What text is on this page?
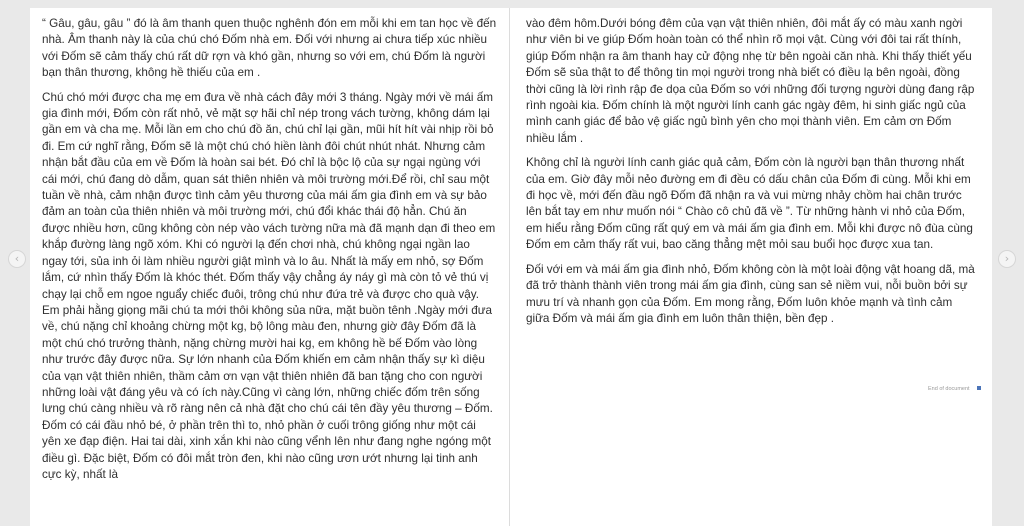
‹

“ Gâu, gâu, gâu ” đó là âm thanh quen thuộc nghênh đón em mỗi khi em tan học về đến nhà. Âm thanh này là của chú chó Đốm nhà em. Đối với nhưng ai chưa tiếp xúc nhiều với Đốm sẽ cảm thấy chú rất dữ rợn và khó gần, nhưng so với em, chú Đốm là người bạn thân thương, không hề thiếu của em .

Chú chó mới được cha mẹ em đưa về nhà cách đây mới 3 tháng. Ngày mới về mái ấm gia đình mới, Đốm còn rất nhỏ, vẻ mặt sợ hãi chỉ nép trong vách tường, không dám lại gần em và cha mẹ. Mỗi lần em cho chú đồ ăn, chú chỉ lại gần, mũi hít hít vài nhịp rồi bỏ đi. Em cứ nghĩ rằng, Đốm sẽ là một chú chó hiền lành đôi chút nhút nhát. Nhưng cảm nhận bắt đầu của em về Đốm là hoàn sai bét. Đó chỉ là bộc lộ của sự ngại ngùng với cái mới, chú đang dò dẫm, quan sát thiên nhiên và môi trường mới.Để rồi, chỉ sau một tuần về nhà, cảm nhận được tình cảm yêu thương của mái ấm gia đình em và sự bảo đảm an toàn của thiên nhiên và môi trường mới, chú đổi khác thái độ hẳn. Chú ăn được nhiều hơn, cũng không còn nép vào vách tường nữa mà đã mạnh dạn đi theo em khắp đường làng ngõ xóm. Khi có người lạ đến chơi nhà, chú không ngại ngần lao ngay tới, sủa inh ỏi làm nhiều người giật mình và lo âu. Nhất là mấy em nhỏ, sợ Đốm lắm, cứ nhìn thấy Đốm là khóc thét. Đốm thấy vậy chẳng áy náy gì mà còn tỏ vẻ thú vị chạy lại chỗ em ngoe nguẩy chiếc đuôi, trông chú như đứa trẻ và được cho quà vậy. Em phải hằng giọng mãi chú ta mới thôi không sủa nữa, mặt buồn tênh .Ngày mới đưa về, chú nặng chỉ khoảng chừng một kg, bộ lông màu đen, nhưng giờ đây Đốm đã là một chú chó trưởng thành, nặng chừng mười hai kg, em không hề bế Đốm vào lòng như trước đây được nữa. Sự lớn nhanh của Đốm khiến em cảm nhận thấy sự kì diệu của vạn vật thiên nhiên, thầm cảm ơn vạn vật thiên nhiên đã ban tặng cho con người những loài vật đáng yêu và có ích này.Cũng vì càng lớn, những chiếc đốm trên sống lưng chú càng nhiều và rõ ràng nên cả nhà đặt cho chú cái tên đầy yêu thương – Đốm. Đốm có cái đầu nhỏ bé, ở phần trên thì to, nhỏ phần ở cuối trông giống như một cái yên xe đạp điện. Hai tai dài, xinh xắn khi nào cũng vểnh lên như đang nghe ngóng một điều gì. Đặc biệt, Đốm có đôi mắt tròn đen, khi nào cũng ươn ướt nhưng lại tinh anh cực kỳ, nhất là

vào đêm hôm.Dưới bóng đêm của vạn vật thiên nhiên, đôi mắt ấy có màu xanh ngời như viên bi ve giúp Đốm hoàn toàn có thể nhìn rõ mọi vật. Cùng với đôi tai rất thính, giúp Đốm nhận ra âm thanh hay cử động nhẹ từ bên ngoài căn nhà. Khi thấy thiết yếu Đốm sẽ sủa thật to để thông tin mọi người trong nhà biết có điều lạ bên ngoài, đồng thời cũng là lời rình rập đe dọa của Đốm so với những đối tượng người dùng đang rập rình ngoài kia. Đốm chính là một người lính canh gác ngày đêm, hi sinh giấc ngủ của mình canh giác để bảo vệ giấc ngủ bình yên cho mọi thành viên. Em cảm ơn Đốm nhiều lắm .

Không chỉ là người lính canh giác quả cảm, Đốm còn là người bạn thân thương nhất của em. Giờ đây mỗi nẻo đường em đi đều có dấu chân của Đốm đi cùng. Mỗi khi em đi học về, mới đến đầu ngõ Đốm đã nhận ra và vui mừng nhảy chồm hai chân trước lên bắt tay em như muốn nói “ Chào cô chủ đã về ”. Từ những hành vi nhỏ của Đốm, em hiểu rằng Đốm cũng rất quý em và mái ấm gia đình em. Mỗi khi được nô đùa cùng Đốm em cảm thấy rất vui, bao căng thẳng mệt mỏi sau buổi học được xua tan.

Đối với em và mái ấm gia đình nhỏ, Đốm không còn là một loài động vật hoang dã, mà đã trở thành thành viên trong mái ấm gia đình, cùng san sẻ niềm vui, nỗi buồn bởi sự mưu trí và nhanh gọn của Đốm. Em mong rằng, Đốm luôn khỏe mạnh và tình cảm giữa Đốm và mái ấm gia đình em luôn thân thiện, bền đẹp .

End of document
›
